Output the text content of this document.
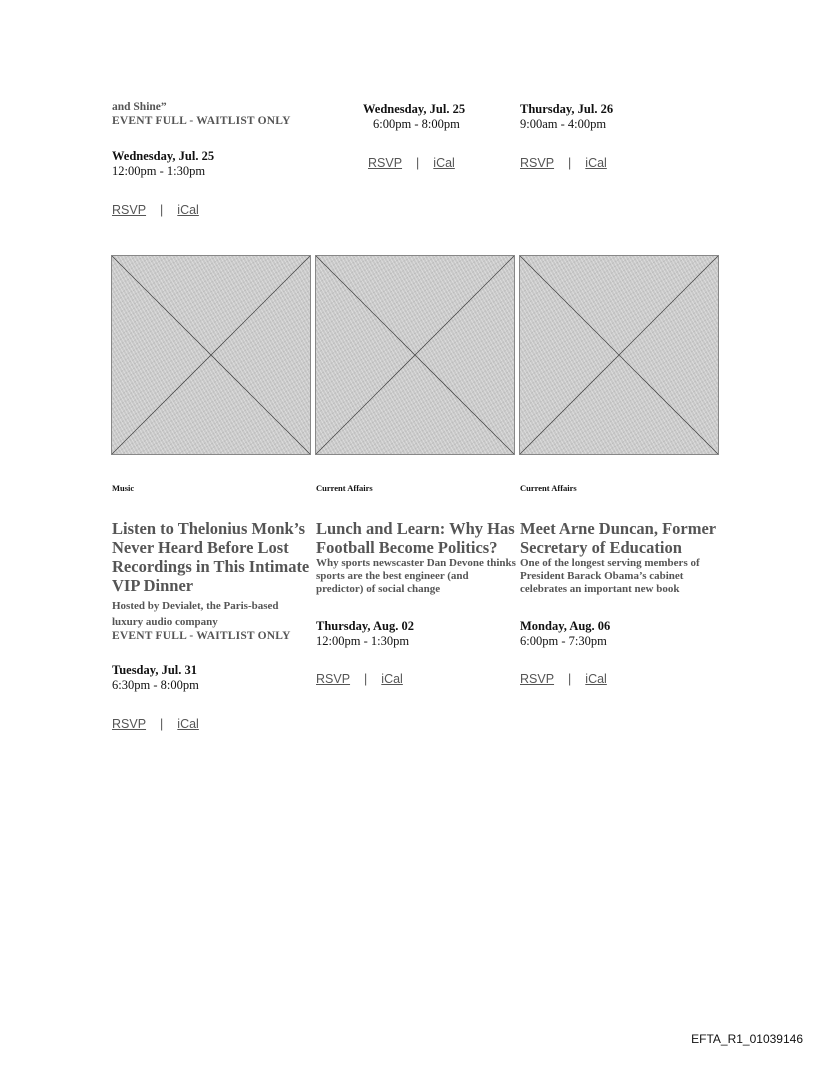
and Shine”
EVENT FULL - WAITLIST ONLY
Wednesday, Jul. 25
12:00pm - 1:30pm
RSVP | iCal
Wednesday, Jul. 25
6:00pm - 8:00pm
RSVP | iCal
Thursday, Jul. 26
9:00am - 4:00pm
RSVP | iCal
Music
Listen to Thelonius Monk’s Never Heard Before Lost Recordings in This Intimate VIP Dinner
Hosted by Devialet, the Paris-based luxury audio company
EVENT FULL - WAITLIST ONLY
Tuesday, Jul. 31
6:30pm - 8:00pm
RSVP | iCal
Current Affairs
Lunch and Learn: Why Has Football Become Politics?
Why sports newscaster Dan Devone thinks sports are the best engineer (and predictor) of social change
Thursday, Aug. 02
12:00pm - 1:30pm
RSVP | iCal
Current Affairs
Meet Arne Duncan, Former Secretary of Education
One of the longest serving members of President Barack Obama’s cabinet celebrates an important new book
Monday, Aug. 06
6:00pm - 7:30pm
RSVP | iCal
EFTA_R1_01039146
